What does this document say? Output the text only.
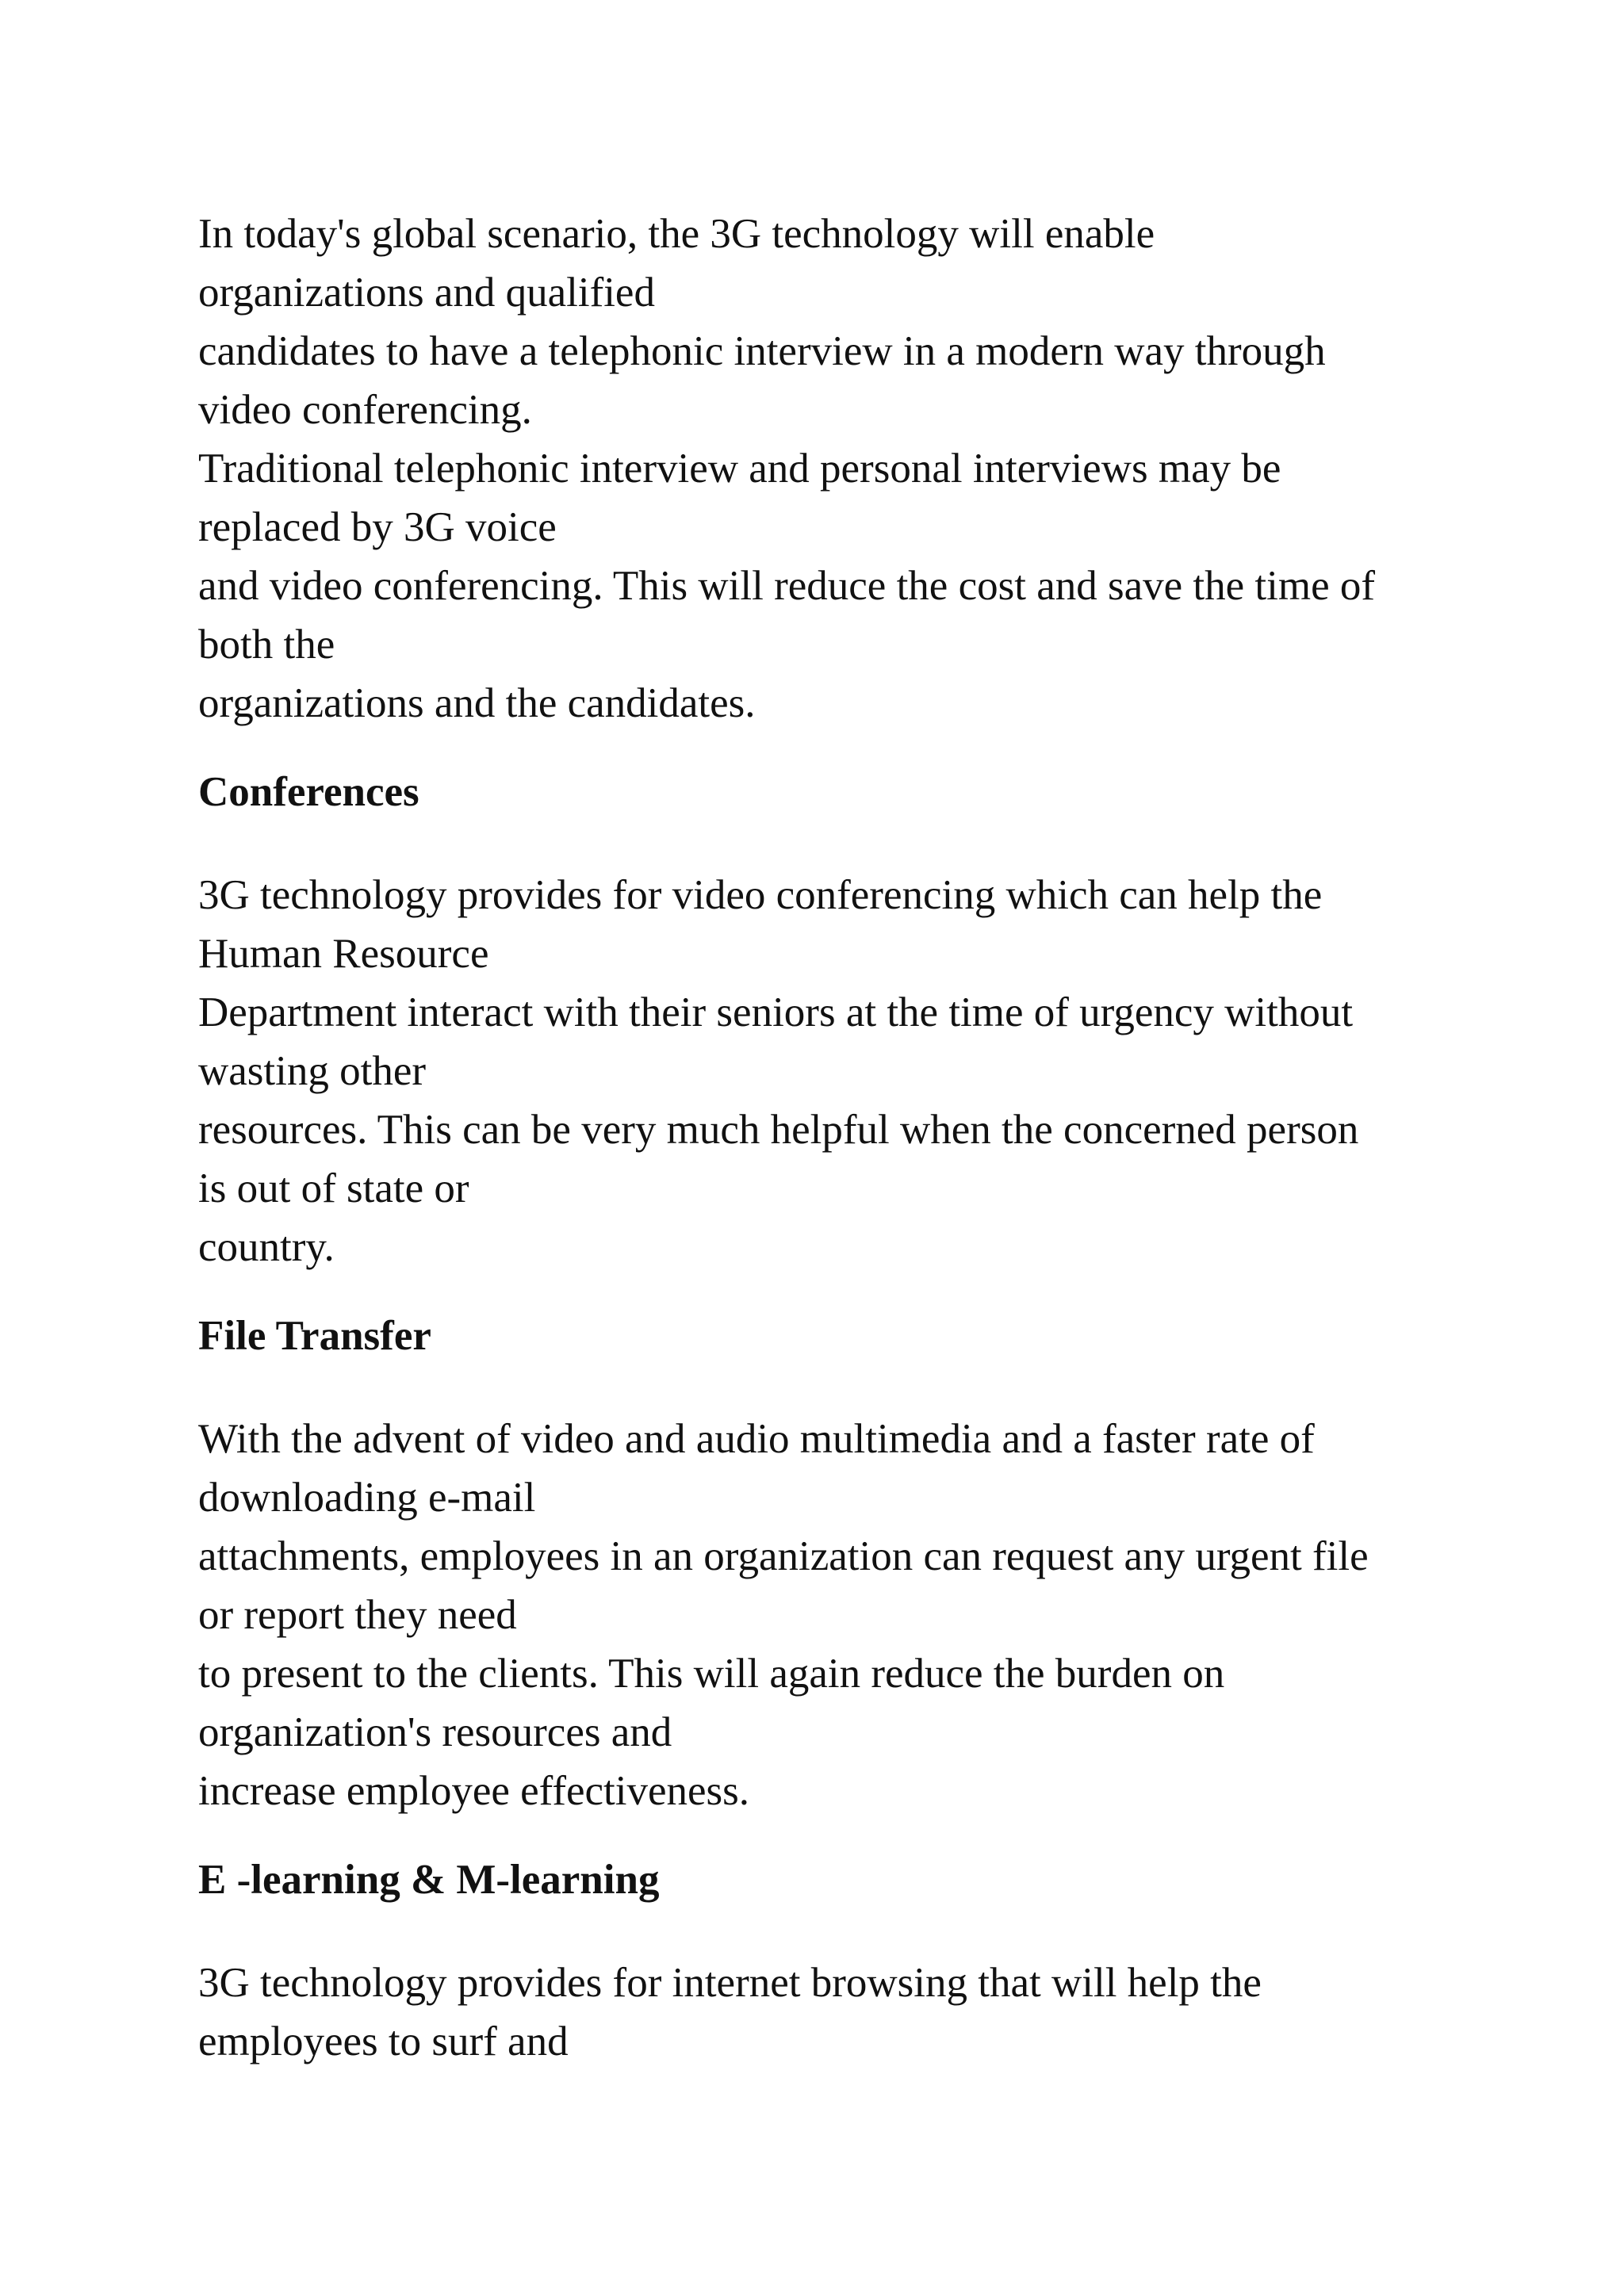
In today's global scenario, the 3G technology will enable

organizations and qualified

candidates to have a telephonic interview in a modern way through

video conferencing.

Traditional telephonic interview and personal interviews may be

replaced by 3G voice

and video conferencing. This will reduce the cost and save the time of

both the

organizations and the candidates.

Conferences

3G technology provides for video conferencing which can help the

Human Resource

Department interact with their seniors at the time of urgency without

wasting other

resources. This can be very much helpful when the concerned person

is out of state or

country.

File Transfer

With the advent of video and audio multimedia and a faster rate of

downloading e-mail

attachments, employees in an organization can request any urgent file

or report they need

to present to the clients. This will again reduce the burden on

organization's resources and

increase employee effectiveness.

E -learning & M-learning

3G technology provides for internet browsing that will help the

employees to surf and
